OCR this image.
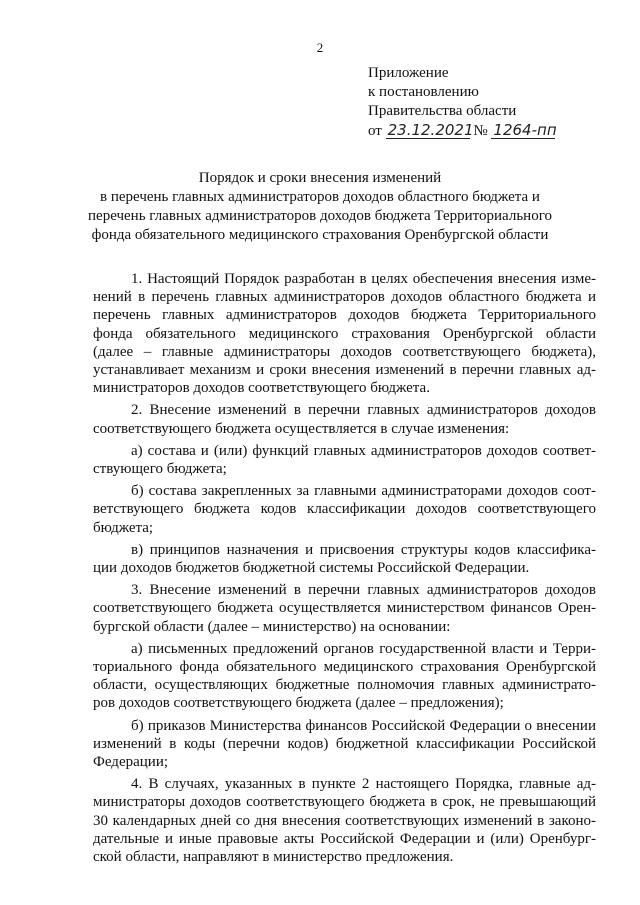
2
Приложение
к постановлению
Правительства области
от 23.12.2021 № 1264-пп
Порядок и сроки внесения изменений
в перечень главных администраторов доходов областного бюджета и
перечень главных администраторов доходов бюджета Территориального
фонда обязательного медицинского страхования Оренбургской области
1. Настоящий Порядок разработан в целях обеспечения внесения изме-
нений в перечень главных администраторов доходов областного бюджета и
перечень главных администраторов доходов бюджета Территориального
фонда обязательного медицинского страхования Оренбургской области
(далее – главные администраторы доходов соответствующего бюджета),
устанавливает механизм и сроки внесения изменений в перечни главных ад-
министраторов доходов соответствующего бюджета.
2. Внесение изменений в перечни главных администраторов доходов
соответствующего бюджета осуществляется в случае изменения:
а) состава и (или) функций главных администраторов доходов соответ-
ствующего бюджета;
б) состава закрепленных за главными администраторами доходов соот-
ветствующего бюджета кодов классификации доходов соответствующего
бюджета;
в) принципов назначения и присвоения структуры кодов классифика-
ции доходов бюджетов бюджетной системы Российской Федерации.
3. Внесение изменений в перечни главных администраторов доходов
соответствующего бюджета осуществляется министерством финансов Орен-
бургской области (далее – министерство) на основании:
а) письменных предложений органов государственной власти и Терри-
ториального фонда обязательного медицинского страхования Оренбургской
области, осуществляющих бюджетные полномочия главных администрато-
ров доходов соответствующего бюджета (далее – предложения);
б) приказов Министерства финансов Российской Федерации о внесении
изменений в коды (перечни кодов) бюджетной классификации Российской
Федерации;
4. В случаях, указанных в пункте 2 настоящего Порядка, главные ад-
министраторы доходов соответствующего бюджета в срок, не превышающий
30 календарных дней со дня внесения соответствующих изменений в законо-
дательные и иные правовые акты Российской Федерации и (или) Оренбург-
ской области, направляют в министерство предложения.
